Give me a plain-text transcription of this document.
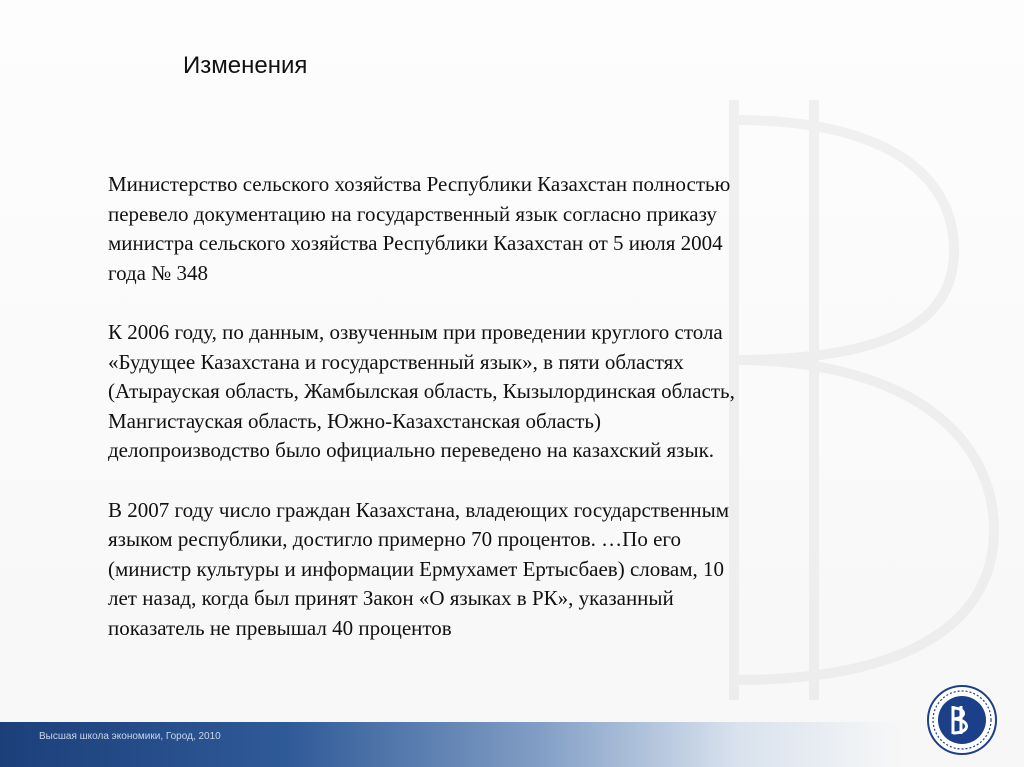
Изменения

Министерство сельского хозяйства Республики Казахстан полностью
перевело документацию на государственный язык согласно приказу
министра сельского хозяйства Республики Казахстан от 5 июля 2004
года № 348

К 2006 году, по данным, озвученным при проведении круглого стола
«Будущее Казахстана и государственный язык», в пяти областях
(Атырауская область, Жамбылская область, Кызылординская область,
Мангистауская область, Южно-Казахстанская область)
делопроизводство было официально переведено на казахский язык.

В 2007 году число граждан Казахстана, владеющих государственным
языком республики, достигло примерно 70 процентов. …По его
(министр культуры и информации Ермухамет Ертысбаев) словам, 10
лет назад, когда был принят Закон «О языках в РК», указанный
показатель не превышал 40 процентов

Высшая школа экономики, Город, 2010
